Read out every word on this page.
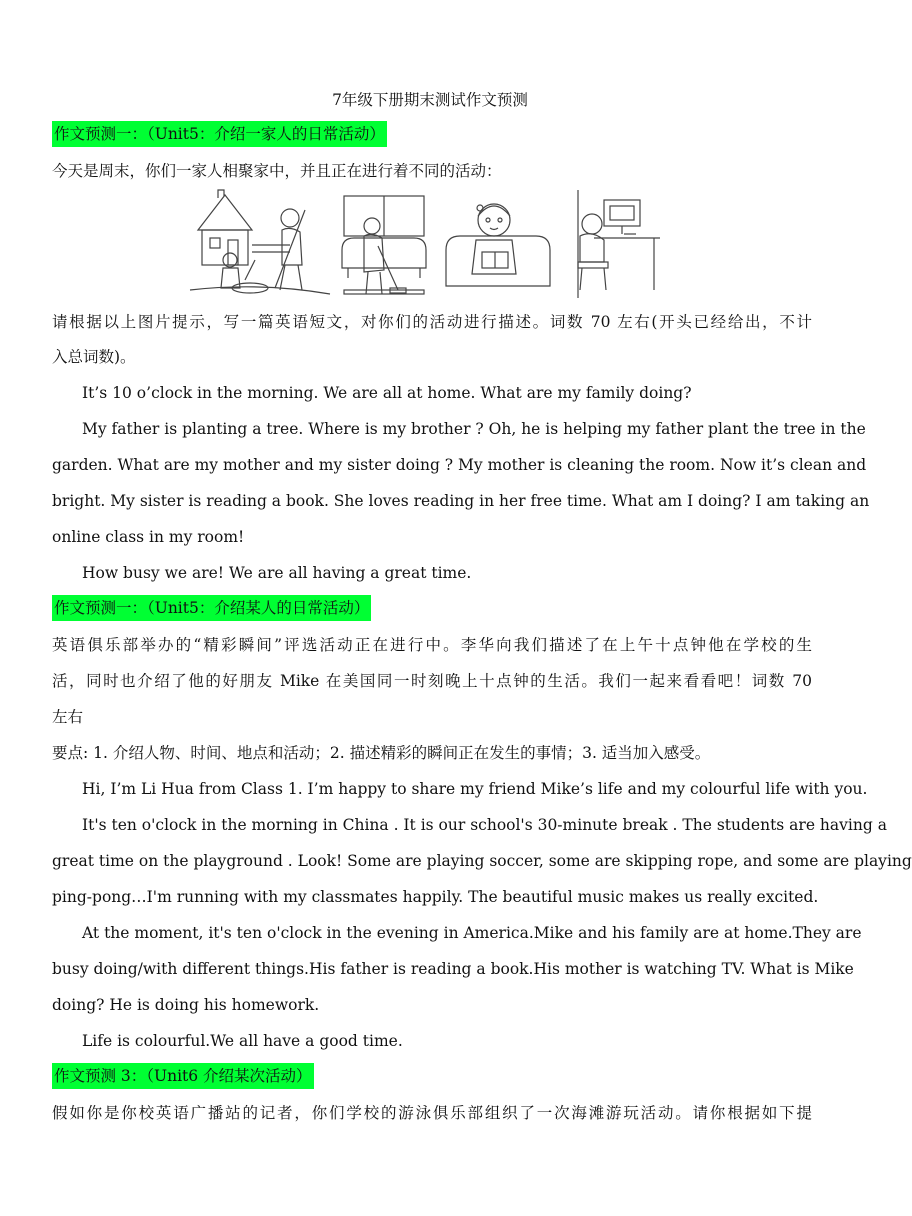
7年级下册期末测试作文预测
作文预测一：（Unit5：介绍一家人的日常活动）
今天是周末，你们一家人相聚家中，并且正在进行着不同的活动：
请根据以上图片提示，写一篇英语短文，对你们的活动进行描述。词数 70 左右(开头已经给出，不计
入总词数)。
It’s 10 o’clock in the morning. We are all at home. What are my family doing?
My father is planting a tree. Where is my brother ? Oh, he is helping my father plant the tree in the
garden. What are my mother and my sister doing ? My mother is cleaning the room. Now it’s clean and
bright. My sister is reading a book. She loves reading in her free time. What am I doing? I am taking an
online class in my room!
How busy we are! We are all having a great time.
作文预测一：（Unit5：介绍某人的日常活动）
英语俱乐部举办的“精彩瞬间”评选活动正在进行中。李华向我们描述了在上午十点钟他在学校的生
活，同时也介绍了他的好朋友 Mike 在美国同一时刻晚上十点钟的生活。我们一起来看看吧！词数 70
左右
要点: 1. 介绍人物、时间、地点和活动；2. 描述精彩的瞬间正在发生的事情；3. 适当加入感受。
Hi, I’m Li Hua from Class 1. I’m happy to share my friend Mike’s life and my colourful life with you.
It's ten o'clock in the morning in China . It is our school's 30-minute break . The students are having a
great time on the playground . Look! Some are playing soccer, some are skipping rope, and some are playing
ping-pong…I'm running with my classmates happily. The beautiful music makes us really excited.
At the moment, it's ten o'clock in the evening in America.Mike and his family are at home.They are
busy doing/with different things.His father is reading a book.His mother is watching TV. What is Mike
doing? He is doing his homework.
Life is colourful.We all have a good time.
作文预测 3：（Unit6 介绍某次活动）
假如你是你校英语广播站的记者，你们学校的游泳俱乐部组织了一次海滩游玩活动。请你根据如下提
